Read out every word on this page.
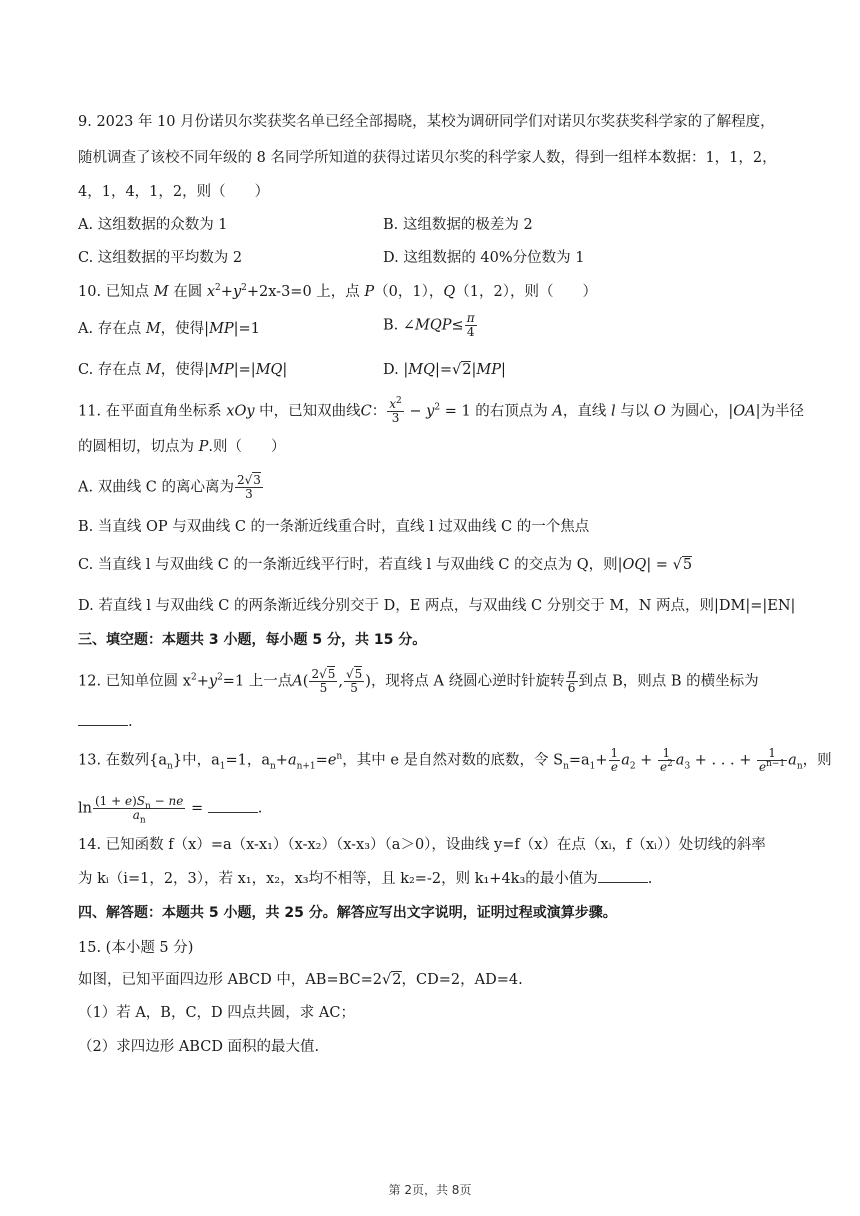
9. 2023 年 10 月份诺贝尔奖获奖名单已经全部揭晓，某校为调研同学们对诺贝尔奖获奖科学家的了解程度，
随机调查了该校不同年级的 8 名同学所知道的获得过诺贝尔奖的科学家人数，得到一组样本数据：1，1，2，
4，1，4，1，2，则（　　）
A. 这组数据的众数为 1	B. 这组数据的极差为 2
C. 这组数据的平均数为 2	D. 这组数据的 40%分位数为 1
10. 已知点 M 在圆 $x^2+y^2+2x-3=0$ 上，点 P（0，1），Q（1，2），则（　　）
A. 存在点 M，使得|MP|=1	B. ∠MQP≤ $\frac{\pi}{4}$
C. 存在点 M，使得|MP|=|MQ|	D. |MQ|=√2|MP|
11. 在平面直角坐标系 xOy 中，已知双曲线C： $\frac{x^2}{3} - y^2 = 1$ 的右顶点为 A，直线 l 与以 O 为圆心，|OA|为半径
的圆相切，切点为 P.则（　　）
A. 双曲线 C 的离心离为 $\frac{2√3}{3}$
B. 当直线 OP 与双曲线 C 的一条渐近线重合时，直线 l 过双曲线 C 的一个焦点
C. 当直线 l 与双曲线 C 的一条渐近线平行时，若直线 l 与双曲线 C 的交点为 Q，则|OQ| = √5
D. 若直线 l 与双曲线 C 的两条渐近线分别交于 D，E 两点，与双曲线 C 分别交于 M，N 两点，则|DM|=|EN|
三、填空题：本题共 3 小题，每小题 5 分，共 15 分。
12. 已知单位圆 $x^2+y^2=1$ 上一点$A( \frac{2√5}{5}$ , $\frac{√5}{5}$ )，现将点 A 绕圆心逆时针旋转 $\frac{\pi}{6}$ 到点 B，则点 B 的横坐标为
.
13. 在数列$\{a_n\}$中，$a_1=1$，$a_n+a_{n+1}=e^n$，其中 e 是自然对数的底数，令 $S_n=a_1+ \frac{1}{e} a_2 + \frac{1}{e^2} a_3$ + . . . + $\frac{1}{e^{n-1}} a_n$，则
$\ln \frac{(1 + e)S_n - ne}{a_n}$ =	.
14. 已知函数 f（x）=a（x-x₁）（x-x₂）（x-x₃）（a＞0），设曲线 y=f（x）在点（xᵢ，f（xᵢ））处切线的斜率
为 kᵢ（i=1，2，3），若 x₁，x₂，x₃均不相等，且 k₂=-2，则 k₁+4k₃的最小值为	.
四、解答题：本题共 5 小题，共 25 分。解答应写出文字说明，证明过程或演算步骤。
15. (本小题 5 分)
如图，已知平面四边形 ABCD 中，AB=BC=2√2，CD=2，AD=4.
（1）若 A，B，C，D 四点共圆，求 AC；
（2）求四边形 ABCD 面积的最大值.
第 2页，共 8页
